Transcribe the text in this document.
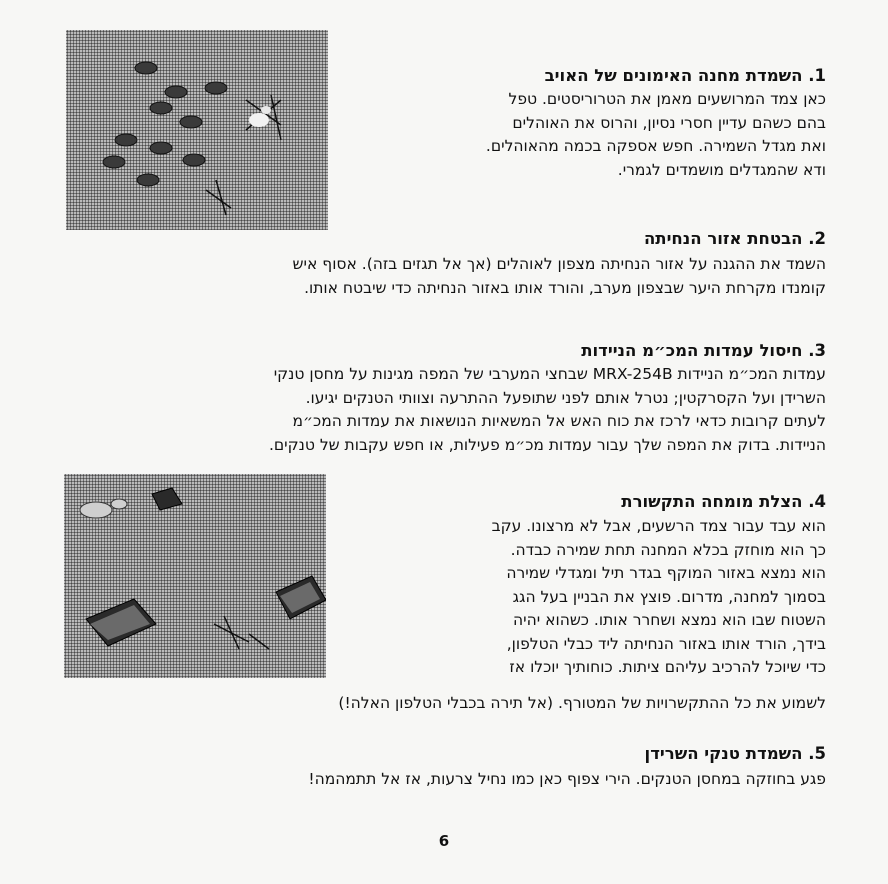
1. השמדת מחנה האימונים של האויב
כאן צמד המרושעים מאמן את הטרוריסטים. טפל
בהם כשהם עדיין חסרי נסיון, והרוס את האוהלים
ואת מגדל השמירה. חפש אספקה בכמה מהאוהלים.
ודא שהמגדלים מושמדים לגמרי.
2. הבטחת אזור הנחיתה
השמד את ההגנה על אזור הנחיתה מצפון לאוהלים (אך אל תגזים בזה). אסוף איש
קומנדו מקרחת היער שבצפון מערב, והורד אותו באזור הנחיתה כדי שיבטח אותו.
3. חיסול עמדות המכ״מ הניידות
עמדות המכ״מ הניידות MRX-254B שבחצי המערבי של המפה מגינות על מחסן טנקי
השרידן ועל הקסרקטין; נטרל אותם לפני שתופעל ההתרעה וצוותי הטנקים יגיעו.
לעתים קרובות כדאי לרכז את כוח האש אל המשאיות הנושאות את עמדות המכ״מ
הניידות. בדוק את המפה שלך עבור עמדות מכ״מ פעילות, או חפש עקבות של טנקים.
4. הצלת מומחה התקשורת
הוא עבד עבור צמד הרשעים, אבל לא מרצונו. עקב
כך הוא מוחזק בכלא המחנה תחת שמירה כבדה.
הוא נמצא באזור המוקף בגדר תיל ומגדלי שמירה
בסמוך למחנה, מדרום. פוצץ את הבניין בעל הגג
השטוח שבו הוא נמצא ושחרר אותו. כשהוא יהיה
בידך, הורד אותו באזור הנחיתה ליד כבלי הטלפון,
כדי שיוכל להרכיב עליהם ציתות. כוחותיך יוכלו אז
לשמוע את כל ההתקשרויות של המטורף. (אל תירה בכבלי הטלפון האלה!)
5. השמדת טנקי השרידן
פגע בחוזקה במחסן הטנקים. הירי צפוף כאן כמו נחיל צרעות, אז אל תתמהמה!
6
